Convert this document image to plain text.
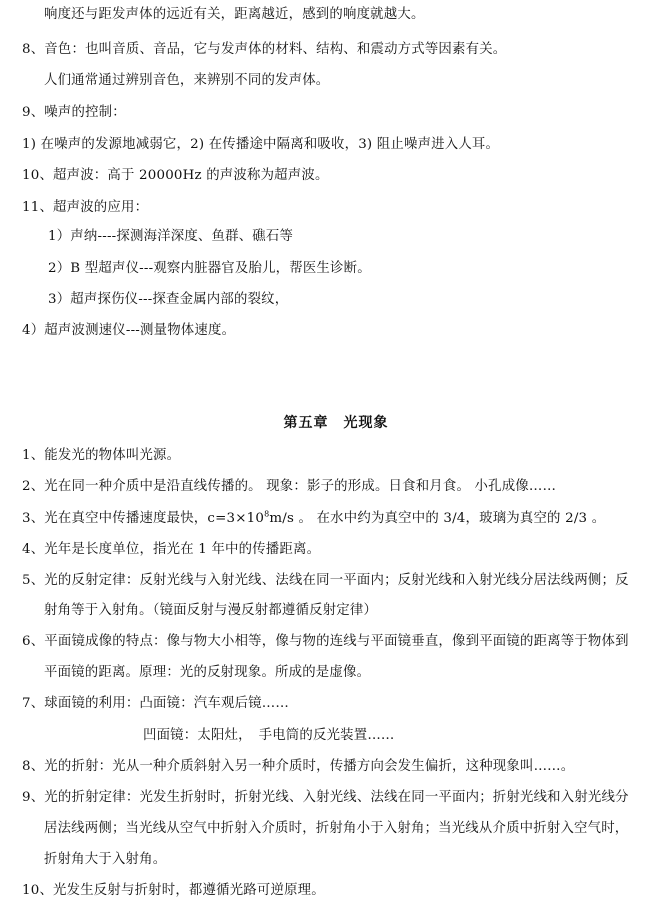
响度还与距发声体的远近有关，距离越近，感到的响度就越大。
8、音色：也叫音质、音品，它与发声体的材料、结构、和震动方式等因素有关。
人们通常通过辨别音色，来辨别不同的发声体。
9、噪声的控制：
1) 在噪声的发源地减弱它，2) 在传播途中隔离和吸收，3) 阻止噪声进入人耳。
10、超声波：高于 20000Hz 的声波称为超声波。
11、超声波的应用：
1）声纳----探测海洋深度、鱼群、礁石等
2）B 型超声仪---观察内脏器官及胎儿，帮医生诊断。
3）超声探伤仪---探查金属内部的裂纹，
4）超声波测速仪---测量物体速度。
第五章　光现象
1、能发光的物体叫光源。
2、光在同一种介质中是沿直线传播的。 现象：影子的形成。日食和月食。 小孔成像……
3、光在真空中传播速度最快，$c=3\times 10^8m/s$ 。 在水中约为真空中的 3/4，玻璃为真空的 2/3 。
4、光年是长度单位，指光在 1 年中的传播距离。
5、光的反射定律：反射光线与入射光线、法线在同一平面内；反射光线和入射光线分居法线两侧；反
射角等于入射角。（镜面反射与漫反射都遵循反射定律）
6、平面镜成像的特点：像与物大小相等，像与物的连线与平面镜垂直，像到平面镜的距离等于物体到
平面镜的距离。原理：光的反射现象。所成的是虚像。
7、球面镜的利用：凸面镜：汽车观后镜……
凹面镜：太阳灶，　手电筒的反光装置……
8、光的折射：光从一种介质斜射入另一种介质时，传播方向会发生偏折，这种现象叫……。
9、光的折射定律：光发生折射时，折射光线、入射光线、法线在同一平面内；折射光线和入射光线分
居法线两侧；当光线从空气中折射入介质时，折射角小于入射角；当光线从介质中折射入空气时，
折射角大于入射角。
10、光发生反射与折射时，都遵循光路可逆原理。
